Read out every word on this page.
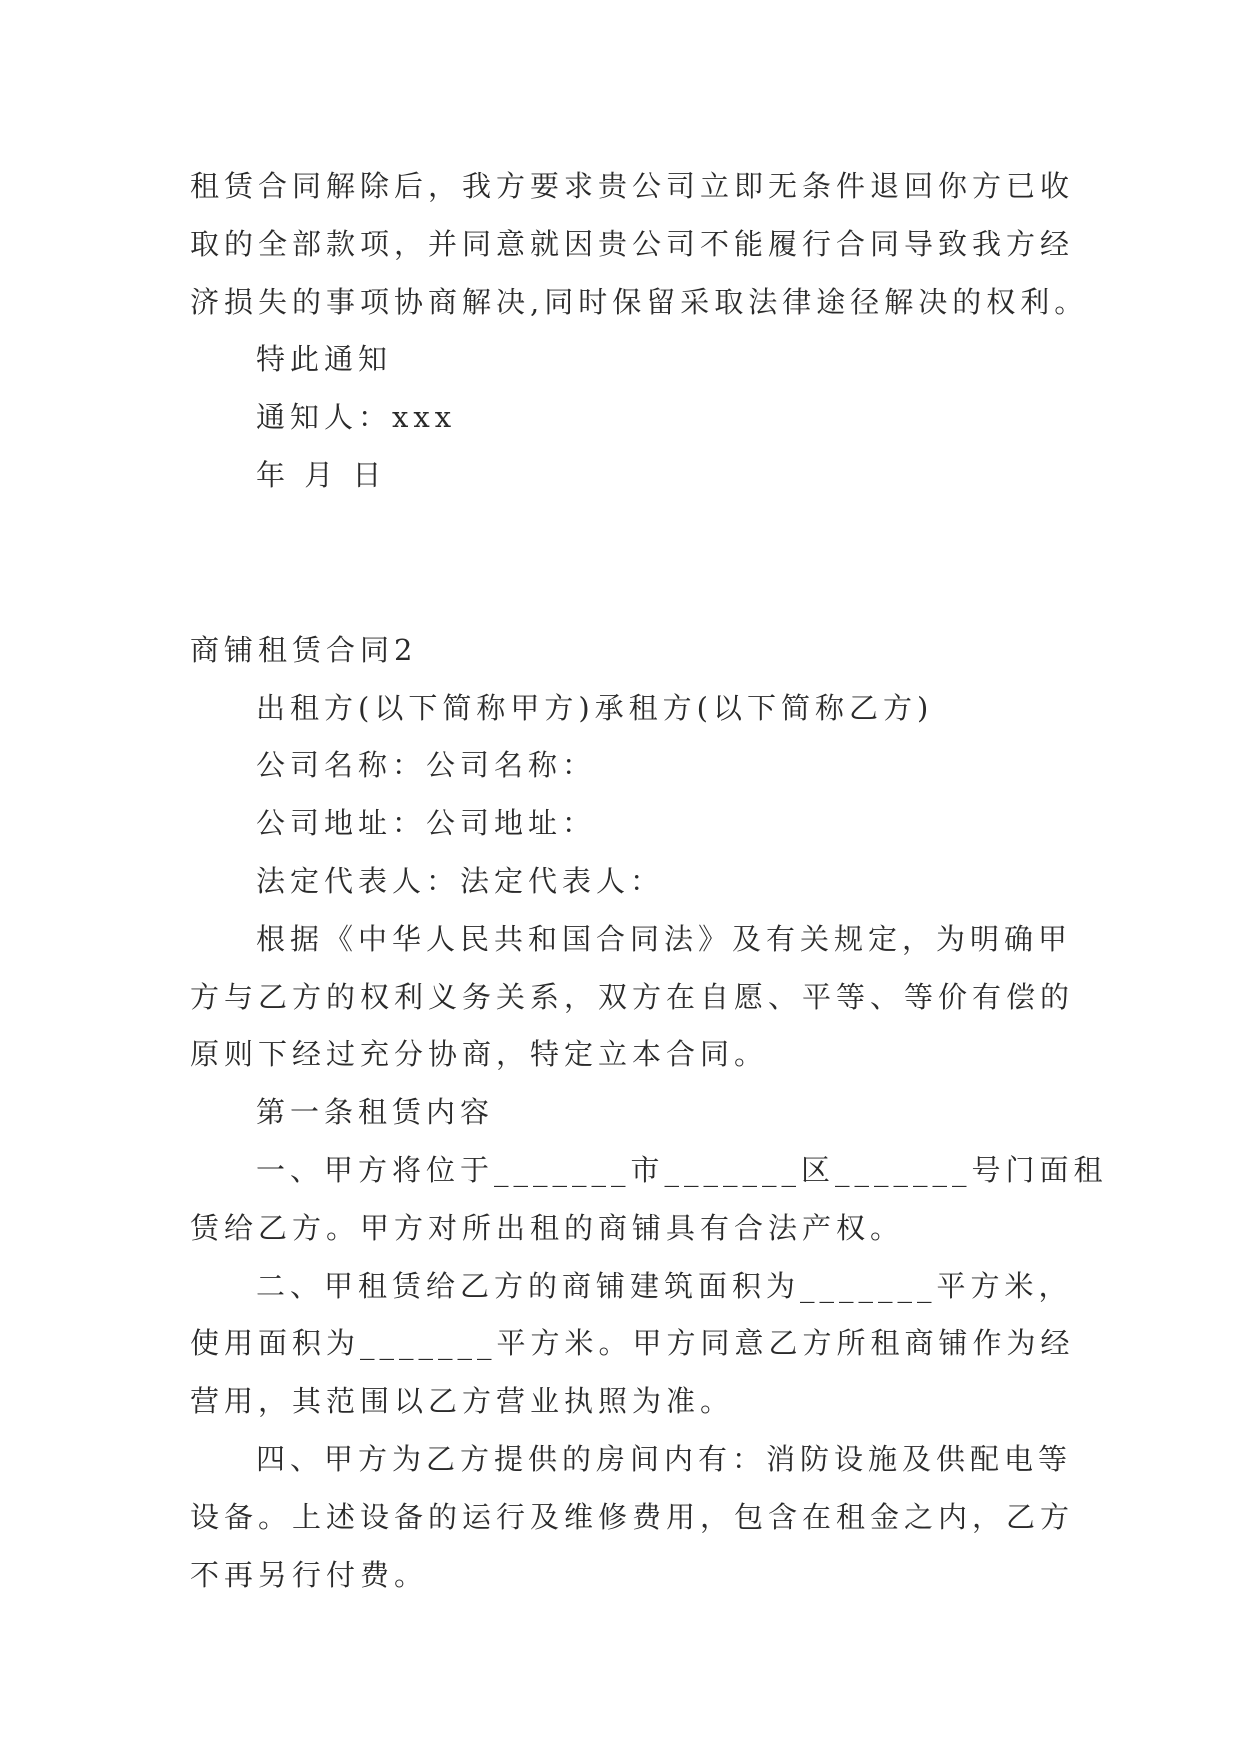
租赁合同解除后，我方要求贵公司立即无条件退回你方已收
取的全部款项，并同意就因贵公司不能履行合同导致我方经
济损失的事项协商解决,同时保留采取法律途径解决的权利。
特此通知
通知人：xxx
年 月 日
商铺租赁合同2
出租方(以下简称甲方)承租方(以下简称乙方)
公司名称：公司名称：
公司地址：公司地址：
法定代表人：法定代表人：
根据《中华人民共和国合同法》及有关规定，为明确甲
方与乙方的权利义务关系，双方在自愿、平等、等价有偿的
原则下经过充分协商，特定立本合同。
第一条租赁内容
一、甲方将位于_______市_______区_______号门面租
赁给乙方。甲方对所出租的商铺具有合法产权。
二、甲租赁给乙方的商铺建筑面积为_______平方米，
使用面积为_______平方米。甲方同意乙方所租商铺作为经
营用，其范围以乙方营业执照为准。
四、甲方为乙方提供的房间内有：消防设施及供配电等
设备。上述设备的运行及维修费用，包含在租金之内，乙方
不再另行付费。
